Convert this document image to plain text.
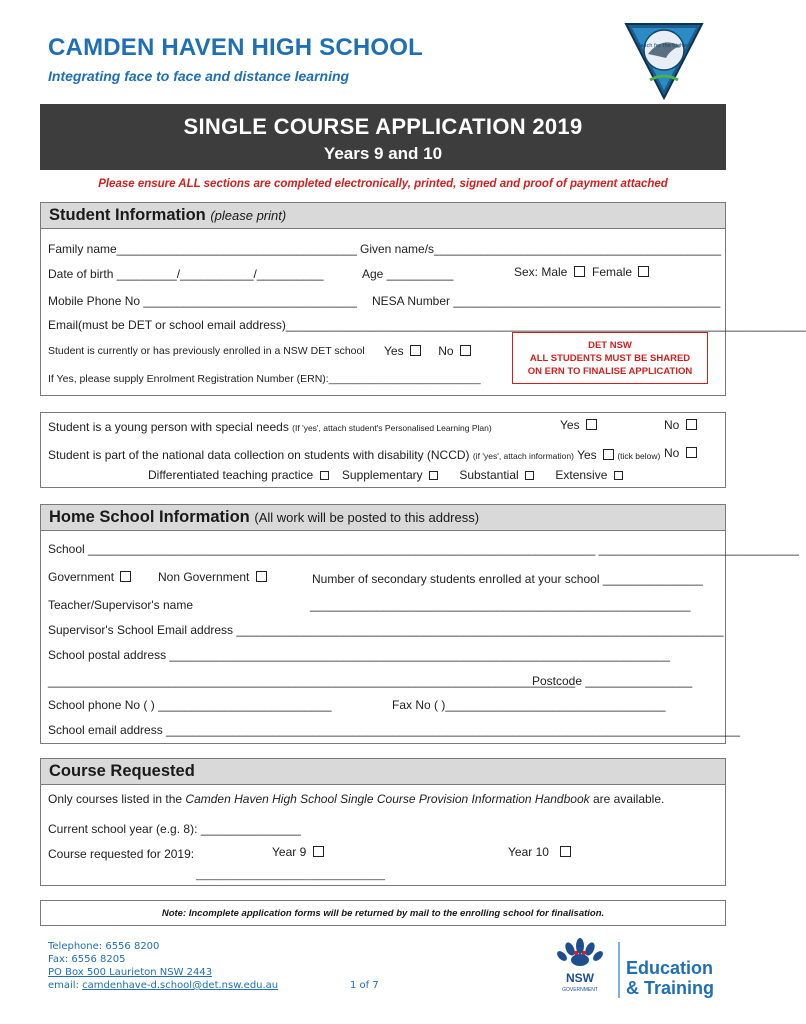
CAMDEN HAVEN HIGH SCHOOL
Integrating face to face and distance learning
Reach for the highest
SINGLE COURSE APPLICATION 2019
Years 9 and 10
Please ensure ALL sections are completed electronically, printed, signed and proof of payment attached
Student Information (please print)
Family name____________________________________ Given name/s___________________________________________
Date of birth _________/___________/__________	Age __________	Sex: Male Female
Mobile Phone No ________________________________ NESA Number ________________________________________
Email(must be DET or school email address)______________________________________________________________________________
Student is currently or has previously enrolled in a NSW DET school Yes	No
If Yes, please supply Enrolment Registration Number (ERN):__________________________
DET NSW
ALL STUDENTS MUST BE SHARED
ON ERN TO FINALISE APPLICATION
Student is a young person with special needs (If 'yes', attach student's Personalised Learning Plan)	Yes	No
Student is part of the national data collection on students with disability (NCCD) (if 'yes', attach information) Yes (tick below) No
Differentiated teaching practice Supplementary	Substantial	Extensive
Home School Information (All work will be posted to this address)
School ____________________________________________________________________________ ______________________________
Government	Non Government	Number of secondary students enrolled at your school _______________
Teacher/Supervisor's name	_________________________________________________________
Supervisor's School Email address _________________________________________________________________________
School postal address ___________________________________________________________________________
_______________________________________________________________________________
Postcode ________________
School phone No ( ) __________________________	Fax No ( )_________________________________
School email address ______________________________________________________________________________________
Course Requested
Only courses listed in the Camden Haven High School Single Course Provision Information Handbook are available.
Current school year (e.g. 8): _______________
Course requested for 2019:	Year 9	Year 10
__________________________________
Note: Incomplete application forms will be returned by mail to the enrolling school for finalisation.
Telephone: 6556 8200
Fax: 6556 8205
PO Box 500 Laurieton NSW 2443
email: camdenhave-d.school@det.nsw.edu.au	1 of 7
NSW
GOVERNMENT
Education
& Training
